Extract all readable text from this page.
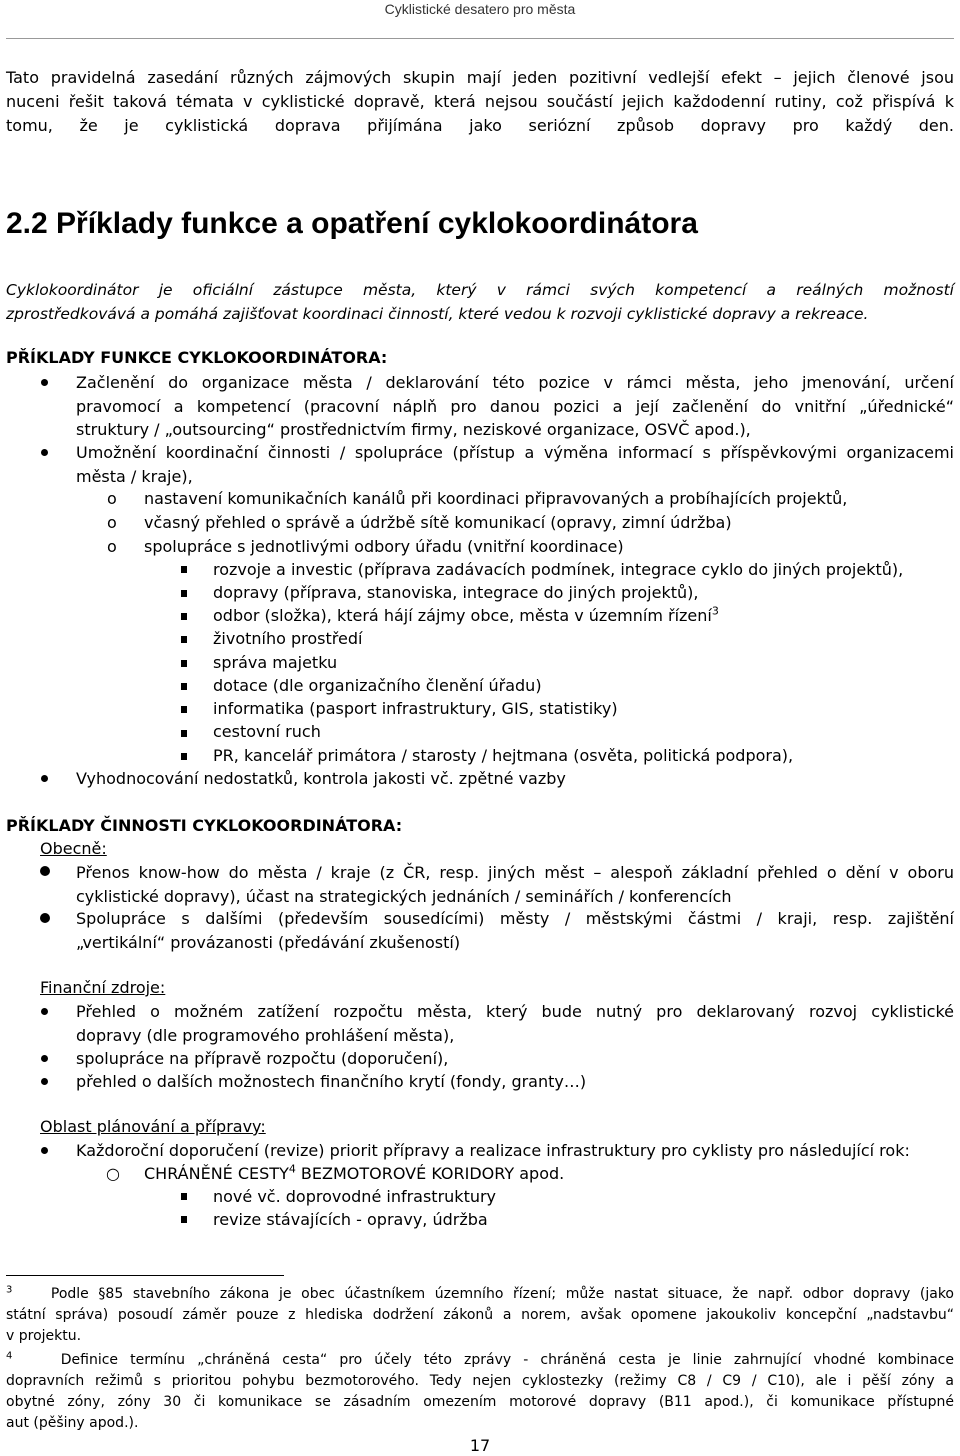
Cyklistické desatero pro města
Tato pravidelná zasedání různých zájmových skupin mají jeden pozitivní vedlejší efekt – jejich členové jsou
nuceni řešit taková témata v cyklistické dopravě, která nejsou součástí jejich každodenní rutiny, což přispívá k
tomu, že je cyklistická doprava přijímána jako seriózní způsob dopravy pro každý den.
2.2 Příklady funkce a opatření cyklokoordinátora
Cyklokoordinátor je oficiální zástupce města, který v rámci svých kompetencí a reálných možností
zprostředkovává a pomáhá zajišťovat koordinaci činností, které vedou k rozvoji cyklistické dopravy a rekreace.
PŘÍKLADY FUNKCE CYKLOKOORDINÁTORA:
Začlenění do organizace města / deklarování této pozice v rámci města, jeho jmenování, určení
pravomocí a kompetencí (pracovní náplň pro danou pozici a její začlenění do vnitřní „úřednické“
struktury / „outsourcing“ prostřednictvím firmy, neziskové organizace, OSVČ apod.),
Umožnění koordinační činnosti / spolupráce (přístup a výměna informací s příspěvkovými organizacemi
města / kraje),
o nastavení komunikačních kanálů při koordinaci připravovaných a probíhajících projektů,
o včasný přehled o správě a údržbě sítě komunikací (opravy, zimní údržba)
o spolupráce s jednotlivými odbory úřadu (vnitřní koordinace)
rozvoje a investic (příprava zadávacích podmínek, integrace cyklo do jiných projektů),
dopravy (příprava, stanoviska, integrace do jiných projektů),
odbor (složka), která hájí zájmy obce, města v územním řízení$^3$
životního prostředí
správa majetku
dotace (dle organizačního členění úřadu)
informatika (pasport infrastruktury, GIS, statistiky)
cestovní ruch
PR, kancelář primátora / starosty / hejtmana (osvěta, politická podpora),
Vyhodnocování nedostatků, kontrola jakosti vč. zpětné vazby
PŘÍKLADY ČINNOSTI CYKLOKOORDINÁTORA:
Obecně:
Přenos know-how do města / kraje (z ČR, resp. jiných měst – alespoň základní přehled o dění v oboru
cyklistické dopravy), účast na strategických jednáních / seminářích / konferencích
Spolupráce s dalšími (především sousedícími) městy / městskými částmi / kraji, resp. zajištění
„vertikální“ provázanosti (předávání zkušeností)
Finanční zdroje:
Přehled o možném zatížení rozpočtu města, který bude nutný pro deklarovaný rozvoj cyklistické
dopravy (dle programového prohlášení města),
spolupráce na přípravě rozpočtu (doporučení),
přehled o dalších možnostech finančního krytí (fondy, granty…)
Oblast plánování a přípravy:
Každoroční doporučení (revize) priorit přípravy a realizace infrastruktury pro cyklisty pro následující rok:
○ CHRÁNĚNÉ CESTY$^4$ BEZMOTOROVÉ KORIDORY apod.
nové vč. doprovodné infrastruktury
revize stávajících - opravy, údržba
$^3$	Podle §85 stavebního zákona je obec účastníkem územního řízení; může nastat situace, že např. odbor dopravy (jako
státní správa) posoudí záměr pouze z hlediska dodržení zákonů a norem, avšak opomene jakoukoliv koncepční „nadstavbu“
v projektu.
$^4$	Definice termínu „chráněná cesta“ pro účely této zprávy - chráněná cesta je linie zahrnující vhodné kombinace
dopravních režimů s prioritou pohybu bezmotorového. Tedy nejen cyklostezky (režimy C8 / C9 / C10), ale i pěší zóny a
obytné zóny, zóny 30 či komunikace se zásadním omezením motorové dopravy (B11 apod.), či komunikace přístupné
aut (pěšiny apod.).
17
